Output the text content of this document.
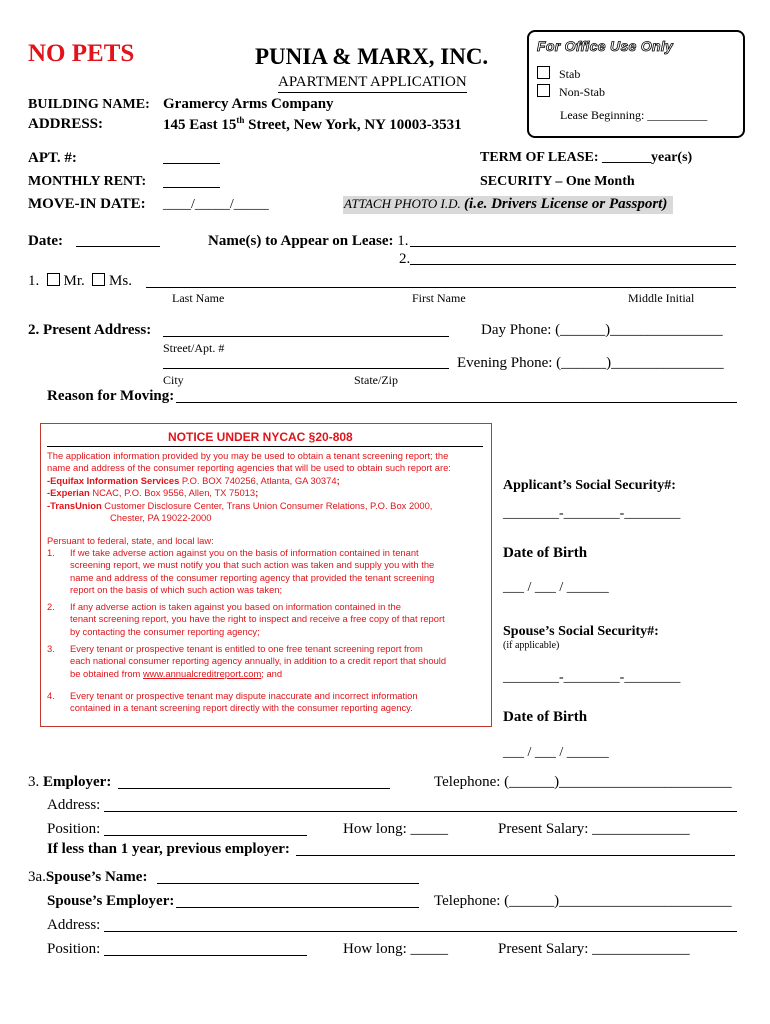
NO PETS	PUNIA & MARX, INC.
APARTMENT APPLICATION
BUILDING NAME: Gramercy Arms Company
ADDRESS:	145 East 15th Street, New York, NY 10003-3531
For Office Use Only
Stab
Non-Stab
Lease Beginning: __________
APT. #:
MONTHLY RENT:
MOVE-IN DATE: ____/_____/_____
TERM OF LEASE: _______year(s)
SECURITY – One Month
ATTACH PHOTO I.D. (i.e. Drivers License or Passport)
Date:	Name(s) to Appear on Lease: 1.
2.
1. Mr. Ms.
Last Name	First Name	Middle Initial
2. Present Address:	Day Phone: (______)_______________
Street/Apt. #
Evening Phone: (______)_______________
City	State/Zip
Reason for Moving:
NOTICE UNDER NYCAC §20-808
The application information provided by you may be used to obtain a tenant screening report; the
name and address of the consumer reporting agencies that will be used to obtain such report are:
-Equifax Information Services P.O. BOX 740256, Atlanta, GA 30374;
-Experian NCAC, P.O. Box 9556, Allen, TX 75013;
-TransUnion Customer Disclosure Center, Trans Union Consumer Relations, P.O. Box 2000,
Chester, PA 19022-2000
Persuant to federal, state, and local law:
1. If we take adverse action against you on the basis of information contained in tenant
screening report, we must notify you that such action was taken and supply you with the
name and address of the consumer reporting agency that provided the tenant screening
report on the basis of which such action was taken;
2. If any adverse action is taken against you based on information contained in the
tenant screening report, you have the right to inspect and receive a free copy of that report
by contacting the consumer reporting agency;
3. Every tenant or prospective tenant is entitled to one free tenant screening report from
each national consumer reporting agency annually, in addition to a credit report that should
be obtained from www.annualcreditreport.com; and
4. Every tenant or prospective tenant may dispute inaccurate and incorrect information
contained in a tenant screening report directly with the consumer reporting agency.
Applicant’s Social Security#:
________-________-________
Date of Birth
___ / ___ / ______
Spouse’s Social Security#:
(if applicable)
________-________-________
Date of Birth
___ / ___ / ______
3. Employer:	Telephone: (______)_______________________
Address:
Position:	How long: _____	Present Salary: _____________
If less than 1 year, previous employer:
3a.Spouse’s Name:
Spouse’s Employer:	Telephone: (______)_______________________
Address:
Position:	How long: _____	Present Salary: _____________
